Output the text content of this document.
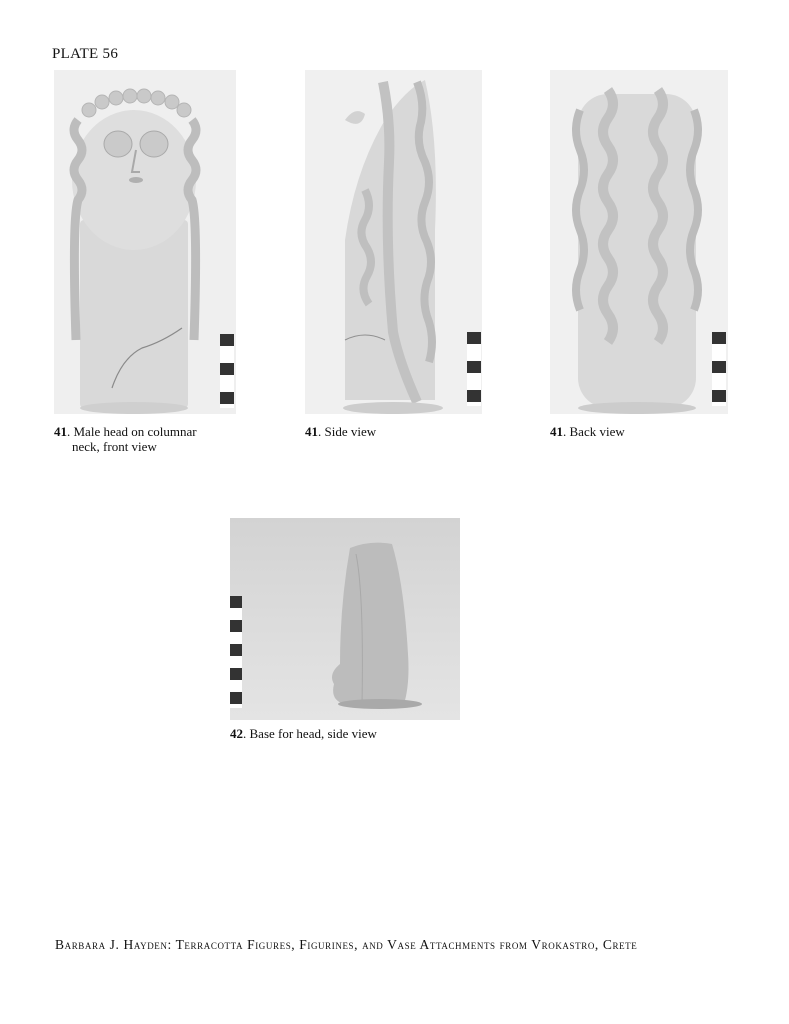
PLATE 56
41. Male head on columnar
neck, front view
41. Side view	41. Back view
42. Base for head, side view
Barbara J. Hayden: Terracotta Figures, Figurines, and Vase Attachments from Vrokastro, Crete
